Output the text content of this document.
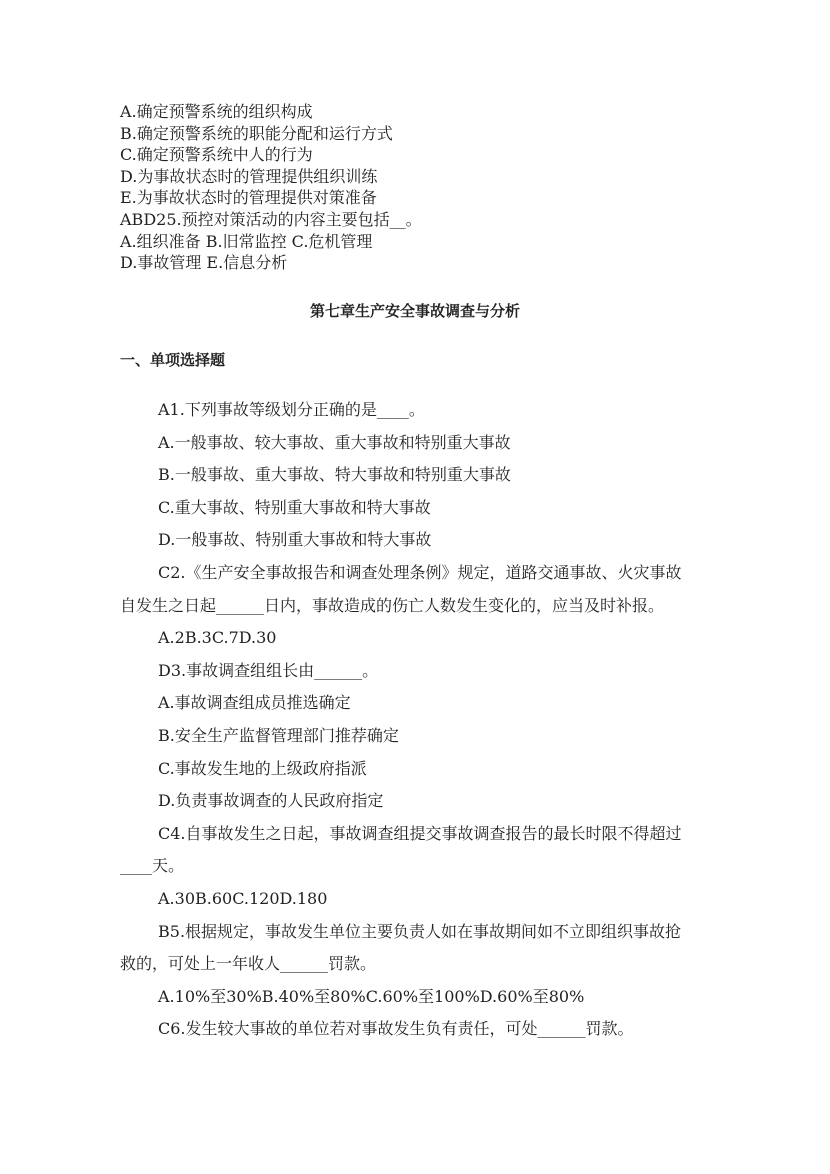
A.确定预警系统的组织构成
B.确定预警系统的职能分配和运行方式
C.确定预警系统中人的行为
D.为事故状态时的管理提供组织训练
E.为事故状态时的管理提供对策准备
ABD25.预控对策活动的内容主要包括__。
A.组织准备 B.旧常监控 C.危机管理
D.事故管理 E.信息分析
第七章生产安全事故调查与分析
一、单项选择题
A1.下列事故等级划分正确的是____。
A.一般事故、较大事故、重大事故和特别重大事故
B.一般事故、重大事故、特大事故和特别重大事故
C.重大事故、特别重大事故和特大事故
D.一般事故、特别重大事故和特大事故
C2.《生产安全事故报告和调查处理条例》规定，道路交通事故、火灾事故
自发生之日起______日内，事故造成的伤亡人数发生变化的，应当及时补报。
A.2B.3C.7D.30
D3.事故调查组组长由______。
A.事故调查组成员推选确定
B.安全生产监督管理部门推荐确定
C.事故发生地的上级政府指派
D.负责事故调查的人民政府指定
C4.自事故发生之日起，事故调查组提交事故调查报告的最长时限不得超过
____天。
A.30B.60C.120D.180
B5.根据规定，事故发生单位主要负责人如在事故期间如不立即组织事故抢
救的，可处上一年收人______罚款。
A.10%至30%B.40%至80%C.60%至100%D.60%至80%
C6.发生较大事故的单位若对事故发生负有责任，可处______罚款。
